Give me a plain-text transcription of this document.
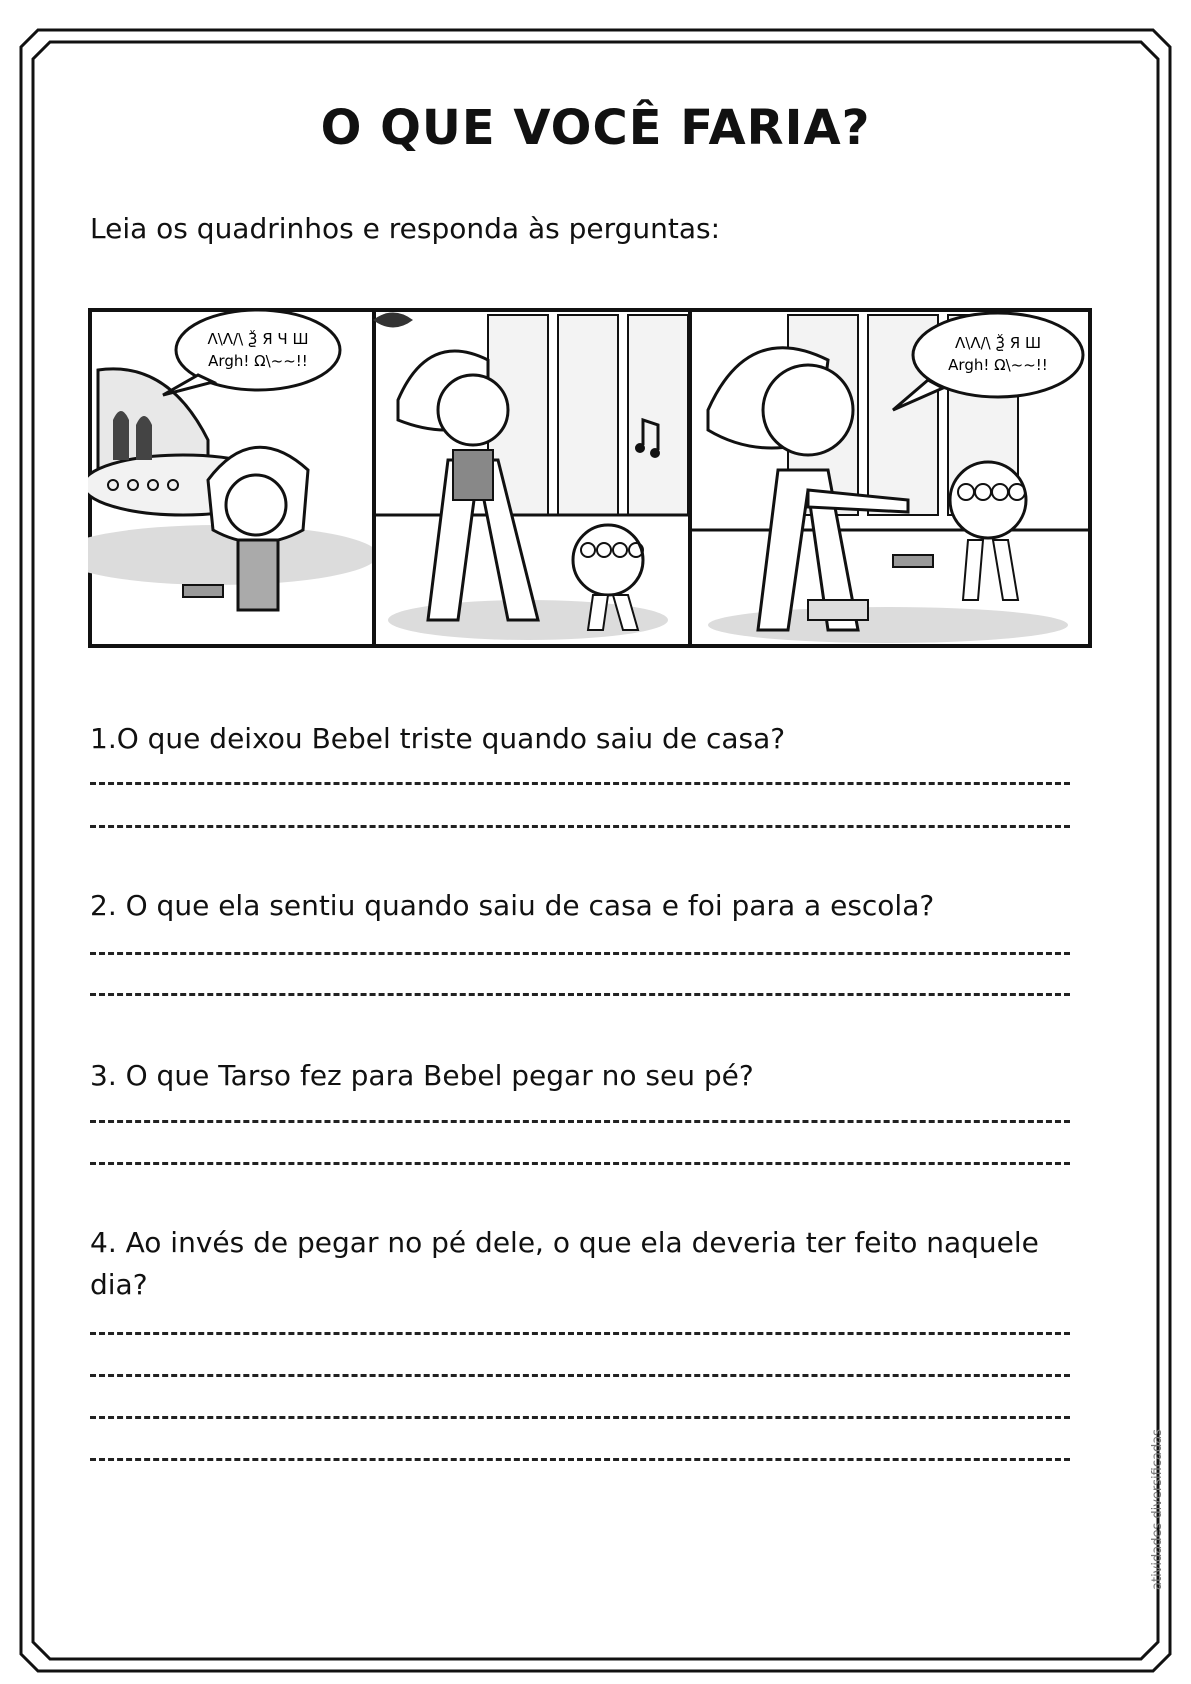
O QUE VOCÊ FARIA?
Leia os quadrinhos e responda às perguntas:
Λ\Λ/\ Ѯ Я Ч Ш
Argh! Ω\~~!!
Λ\Λ/\ Ѯ Я Ш
Argh! Ω\~~!!
1.O que deixou Bebel triste quando saiu de casa?
2. O que ela sentiu quando saiu de casa e foi para a escola?
3. O que Tarso fez para Bebel pegar no seu pé?
4. Ao invés de pegar no pé dele, o que ela deveria ter feito naquele dia?
atividades diversificadas
